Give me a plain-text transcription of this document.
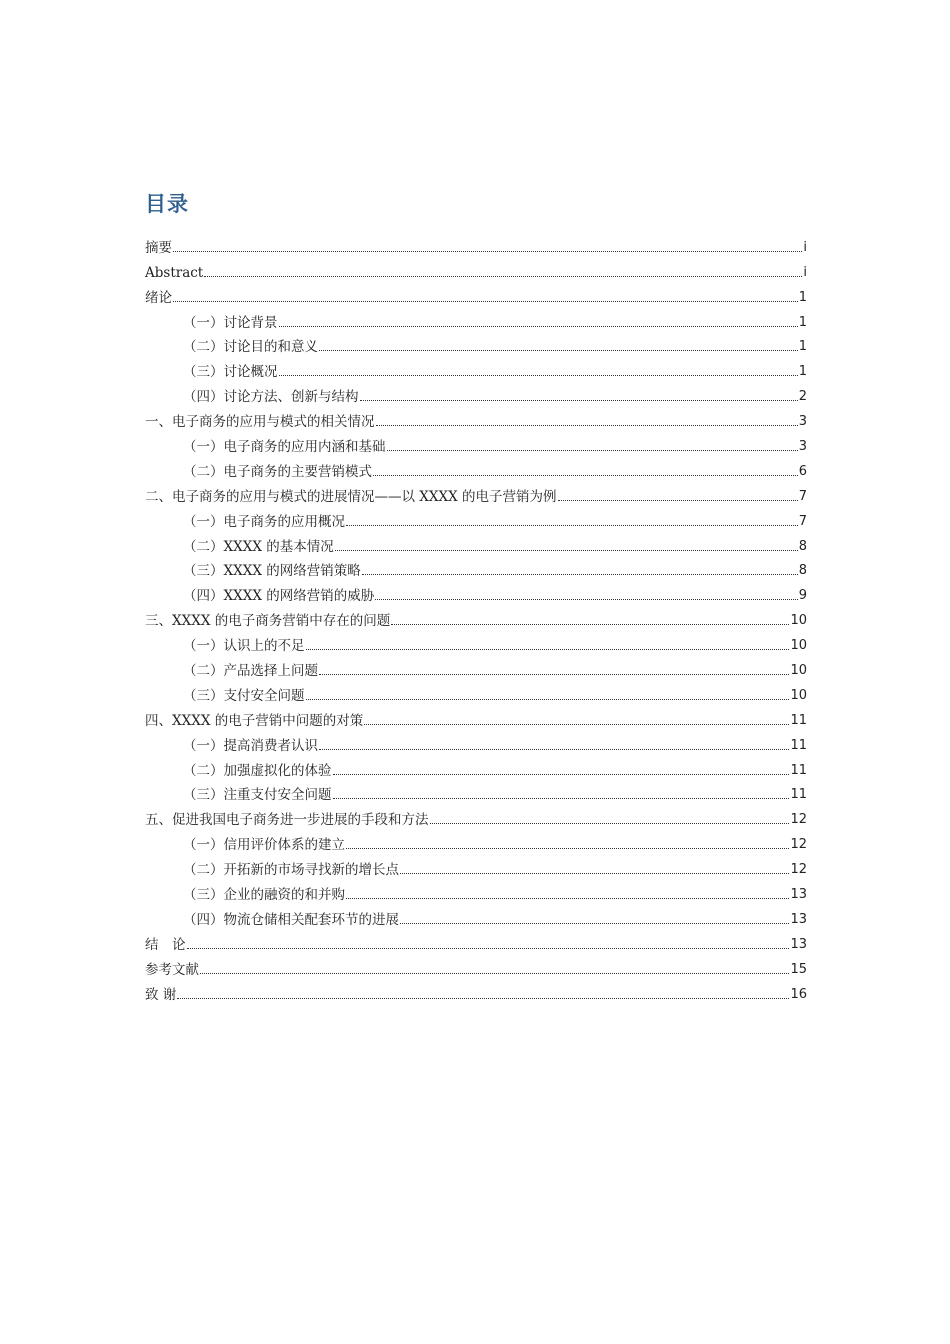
目录
摘要	i
Abstract	i
绪论	1
（一）讨论背景	1
（二）讨论目的和意义	1
（三）讨论概况	1
（四）讨论方法、创新与结构	2
一、电子商务的应用与模式的相关情况	3
（一）电子商务的应用内涵和基础	3
（二）电子商务的主要营销模式	6
二、电子商务的应用与模式的进展情况——以 XXXX 的电子营销为例	7
（一）电子商务的应用概况	7
（二）XXXX 的基本情况	8
（三）XXXX 的网络营销策略	8
（四）XXXX 的网络营销的威胁	9
三、XXXX 的电子商务营销中存在的问题	10
（一）认识上的不足	10
（二）产品选择上问题	10
（三）支付安全问题	10
四、XXXX 的电子营销中问题的对策	11
（一）提高消费者认识	11
（二）加强虚拟化的体验	11
（三）注重支付安全问题	11
五、促进我国电子商务进一步进展的手段和方法	12
（一）信用评价体系的建立	12
（二）开拓新的市场寻找新的增长点	12
（三）企业的融资的和并购	13
（四）物流仓储相关配套环节的进展	13
结　论	13
参考文献	15
致 谢	16
